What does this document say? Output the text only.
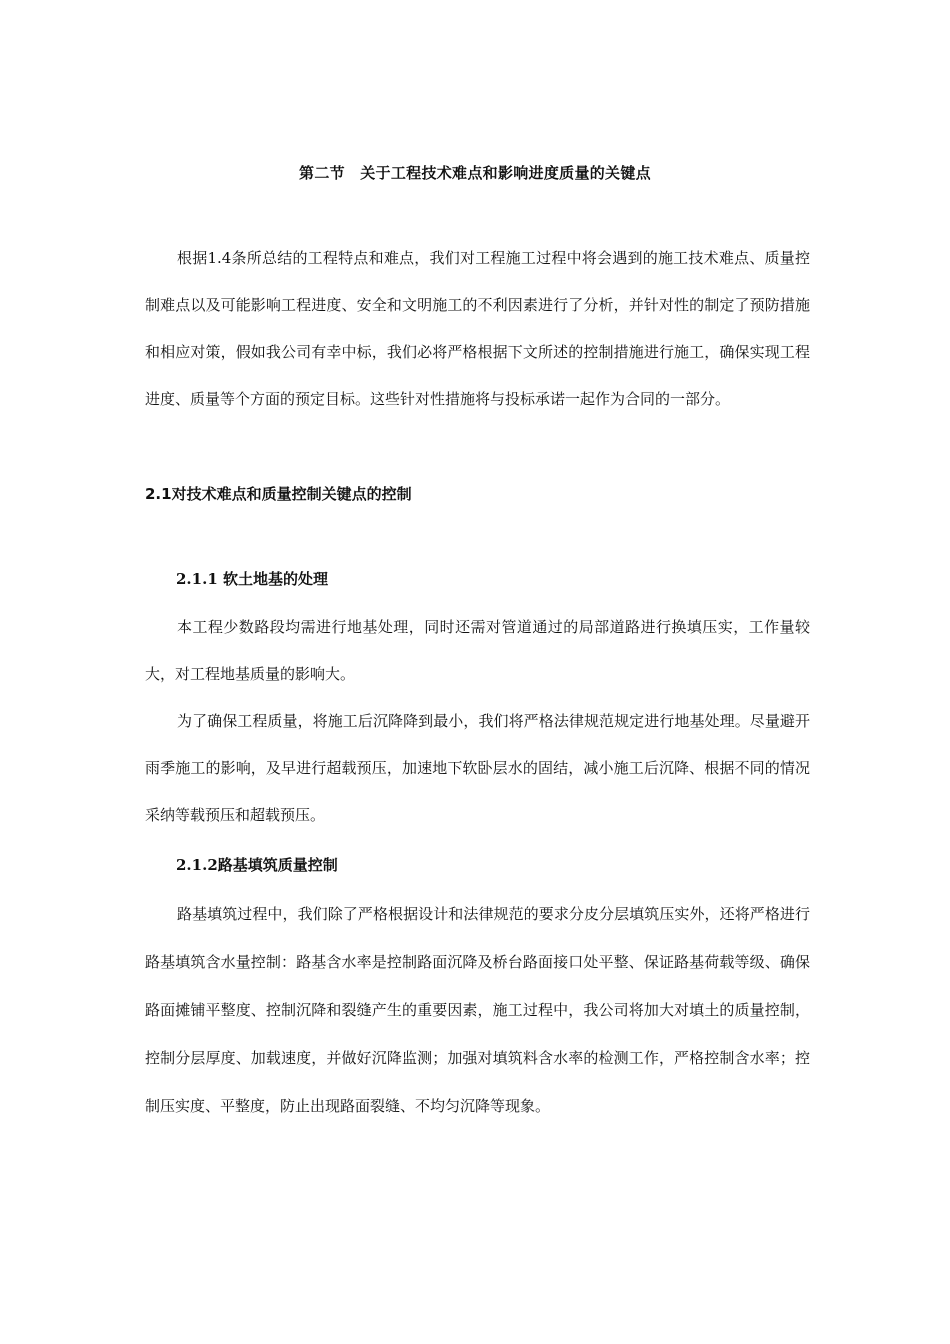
第二节　关于工程技术难点和影响进度质量的关键点

根据1.4条所总结的工程特点和难点，我们对工程施工过程中将会遇到的施工技术难点、质量控制难点以及可能影响工程进度、安全和文明施工的不利因素进行了分析，并针对性的制定了预防措施和相应对策，假如我公司有幸中标，我们必将严格根据下文所述的控制措施进行施工，确保实现工程进度、质量等个方面的预定目标。这些针对性措施将与投标承诺一起作为合同的一部分。

2.1对技术难点和质量控制关键点的控制
2.1.1 软土地基的处理

本工程少数路段均需进行地基处理，同时还需对管道通过的局部道路进行换填压实，工作量较大，对工程地基质量的影响大。

为了确保工程质量，将施工后沉降降到最小，我们将严格法律规范规定进行地基处理。尽量避开雨季施工的影响，及早进行超载预压，加速地下软卧层水的固结，减小施工后沉降、根据不同的情况采纳等载预压和超载预压。

2.1.2路基填筑质量控制

路基填筑过程中，我们除了严格根据设计和法律规范的要求分皮分层填筑压实外，还将严格进行路基填筑含水量控制：路基含水率是控制路面沉降及桥台路面接口处平整、保证路基荷载等级、确保路面摊铺平整度、控制沉降和裂缝产生的重要因素，施工过程中，我公司将加大对填土的质量控制，控制分层厚度、加载速度，并做好沉降监测；加强对填筑料含水率的检测工作，严格控制含水率；控制压实度、平整度，防止出现路面裂缝、不均匀沉降等现象。
